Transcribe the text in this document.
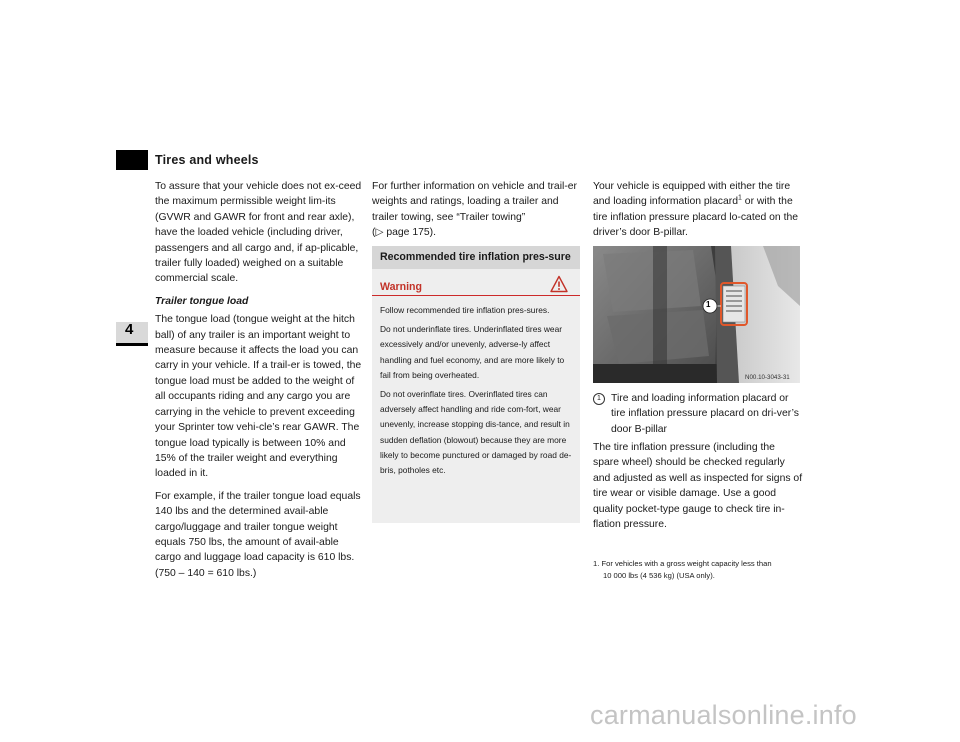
Tires and wheels
4

To assure that your vehicle does not ex-ceed the maximum permissible weight lim-its (GVWR and GAWR for front and rear axle), have the loaded vehicle (including driver, passengers and all cargo and, if ap-plicable, trailer fully loaded) weighed on a suitable commercial scale.

Trailer tongue load

The tongue load (tongue weight at the hitch ball) of any trailer is an important weight to measure because it affects the load you can carry in your vehicle. If a trail-er is towed, the tongue load must be added to the weight of all occupants riding and any cargo you are carrying in the vehicle to prevent exceeding your Sprinter tow vehi-cle’s rear GAWR. The tongue load typically is between 10% and 15% of the trailer weight and everything loaded in it.

For example, if the trailer tongue load equals 140 lbs and the determined avail-able cargo/luggage and trailer tongue weight equals 750 lbs, the amount of avail-able cargo and luggage load capacity is 610 lbs. (750 – 140 = 610 lbs.)

For further information on vehicle and trail-er weights and ratings, loading a trailer and trailer towing, see “Trailer towing”
(▷ page 175).

Recommended tire inflation pres-sure
Warning

Follow recommended tire inflation pres-sures.

Do not underinflate tires. Underinflated tires wear excessively and/or unevenly, adverse-ly affect handling and fuel economy, and are more likely to fail from being overheated.

Do not overinflate tires. Overinflated tires can adversely affect handling and ride com-fort, wear unevenly, increase stopping dis-tance, and result in sudden deflation (blowout) because they are more likely to become punctured or damaged by road de-bris, potholes etc.

Your vehicle is equipped with either the tire and loading information placard$^1$ or with the tire inflation pressure placard lo-cated on the driver’s door B-pillar.

1
N00.10-3043-31
1 Tire and loading information placard or tire inflation pressure placard on dri-ver’s door B-pillar
The tire inflation pressure (including the spare wheel) should be checked regularly and adjusted as well as inspected for signs of tire wear or visible damage. Use a good quality pocket-type gauge to check tire in-flation pressure.
1. For vehicles with a gross weight capacity less than
10 000 lbs (4 536 kg) (USA only).
carmanualsonline.info
